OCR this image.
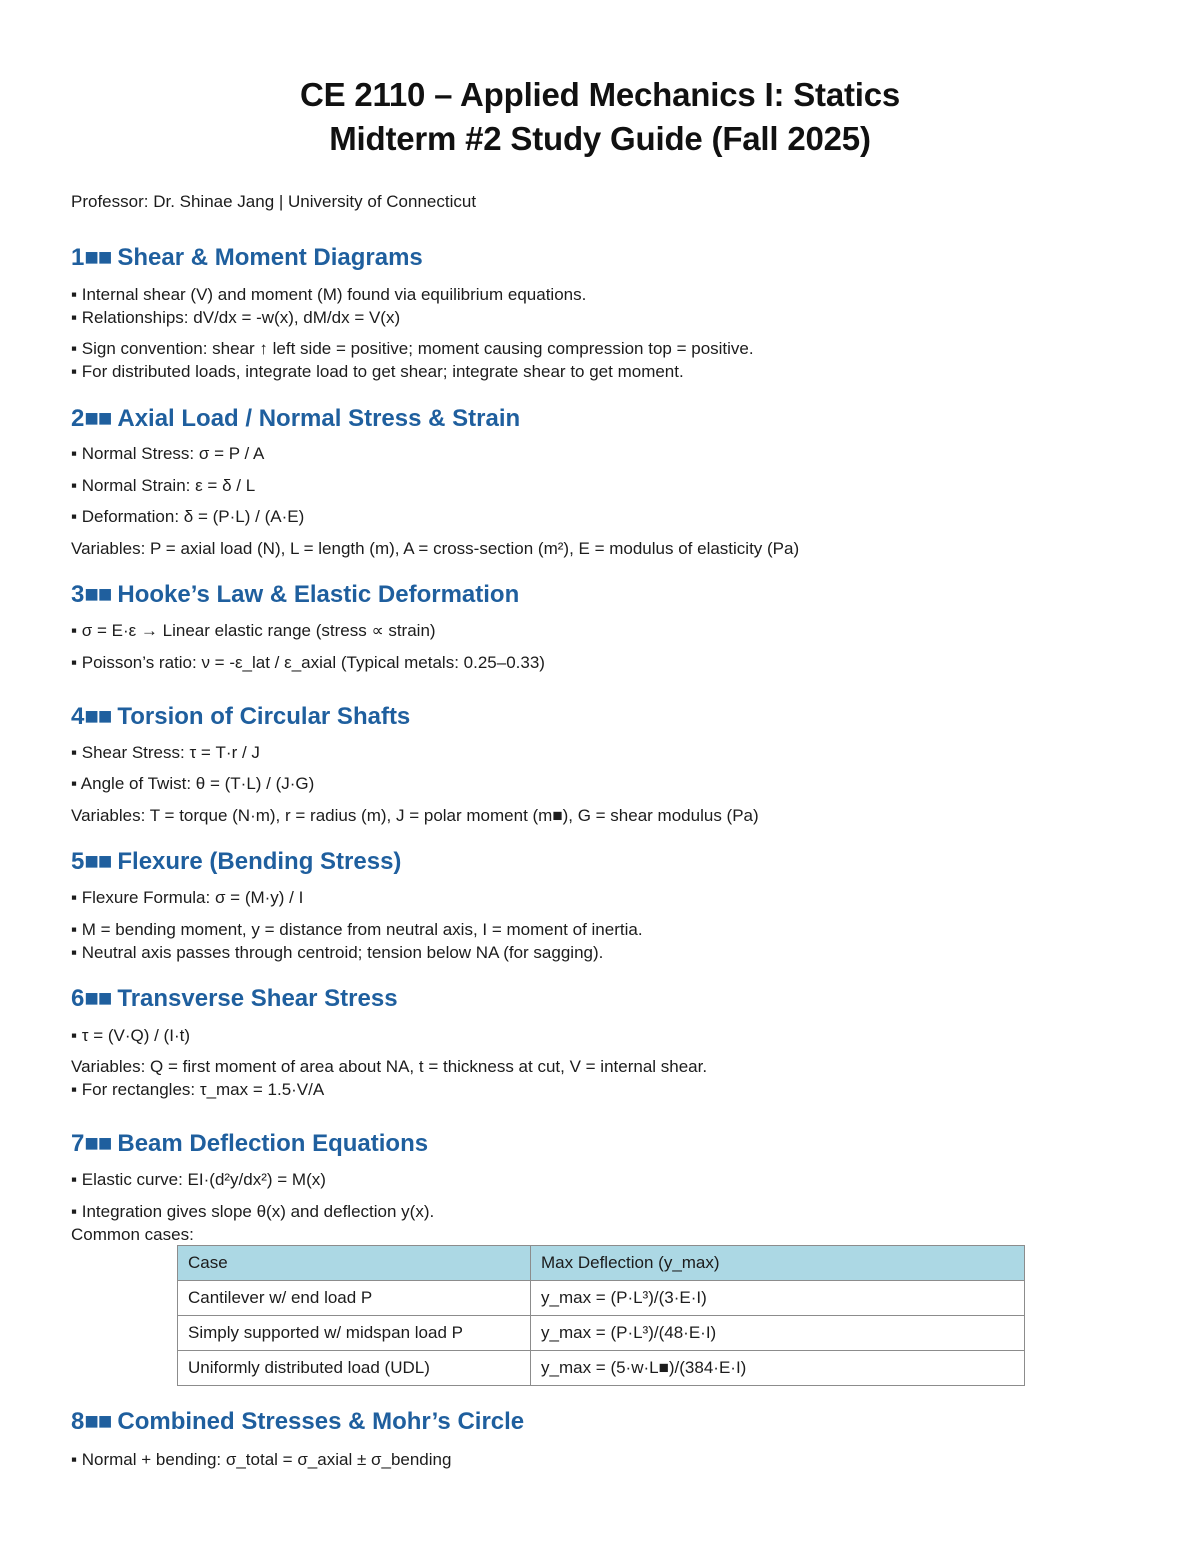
CE 2110 – Applied Mechanics I: Statics
Midterm #2 Study Guide (Fall 2025)
Professor: Dr. Shinae Jang | University of Connecticut
1■■ Shear & Moment Diagrams
▪ Internal shear (V) and moment (M) found via equilibrium equations.
▪ Relationships: dV/dx = -w(x), dM/dx = V(x)
▪ Sign convention: shear ↑ left side = positive; moment causing compression top = positive.
▪ For distributed loads, integrate load to get shear; integrate shear to get moment.
2■■ Axial Load / Normal Stress & Strain
▪ Normal Stress: σ = P / A
▪ Normal Strain: ε = δ / L
▪ Deformation: δ = (P·L) / (A·E)
Variables: P = axial load (N), L = length (m), A = cross-section (m²), E = modulus of elasticity (Pa)
3■■ Hooke’s Law & Elastic Deformation
▪ σ = E·ε → Linear elastic range (stress ∝ strain)
▪ Poisson’s ratio: ν = -ε_lat / ε_axial (Typical metals: 0.25–0.33)
4■■ Torsion of Circular Shafts
▪ Shear Stress: τ = T·r / J
▪ Angle of Twist: θ = (T·L) / (J·G)
Variables: T = torque (N·m), r = radius (m), J = polar moment (m■), G = shear modulus (Pa)
5■■ Flexure (Bending Stress)
▪ Flexure Formula: σ = (M·y) / I
▪ M = bending moment, y = distance from neutral axis, I = moment of inertia.
▪ Neutral axis passes through centroid; tension below NA (for sagging).
6■■ Transverse Shear Stress
▪ τ = (V·Q) / (I·t)
Variables: Q = first moment of area about NA, t = thickness at cut, V = internal shear.
▪ For rectangles: τ_max = 1.5·V/A
7■■ Beam Deflection Equations
▪ Elastic curve: EI·(d²y/dx²) = M(x)
▪ Integration gives slope θ(x) and deflection y(x).
Common cases:
Case	Max Deflection (y_max)
Cantilever w/ end load P	y_max = (P·L³)/(3·E·I)
Simply supported w/ midspan load P	y_max = (P·L³)/(48·E·I)
Uniformly distributed load (UDL)	y_max = (5·w·L■)/(384·E·I)
8■■ Combined Stresses & Mohr’s Circle
▪ Normal + bending: σ_total = σ_axial ± σ_bending
